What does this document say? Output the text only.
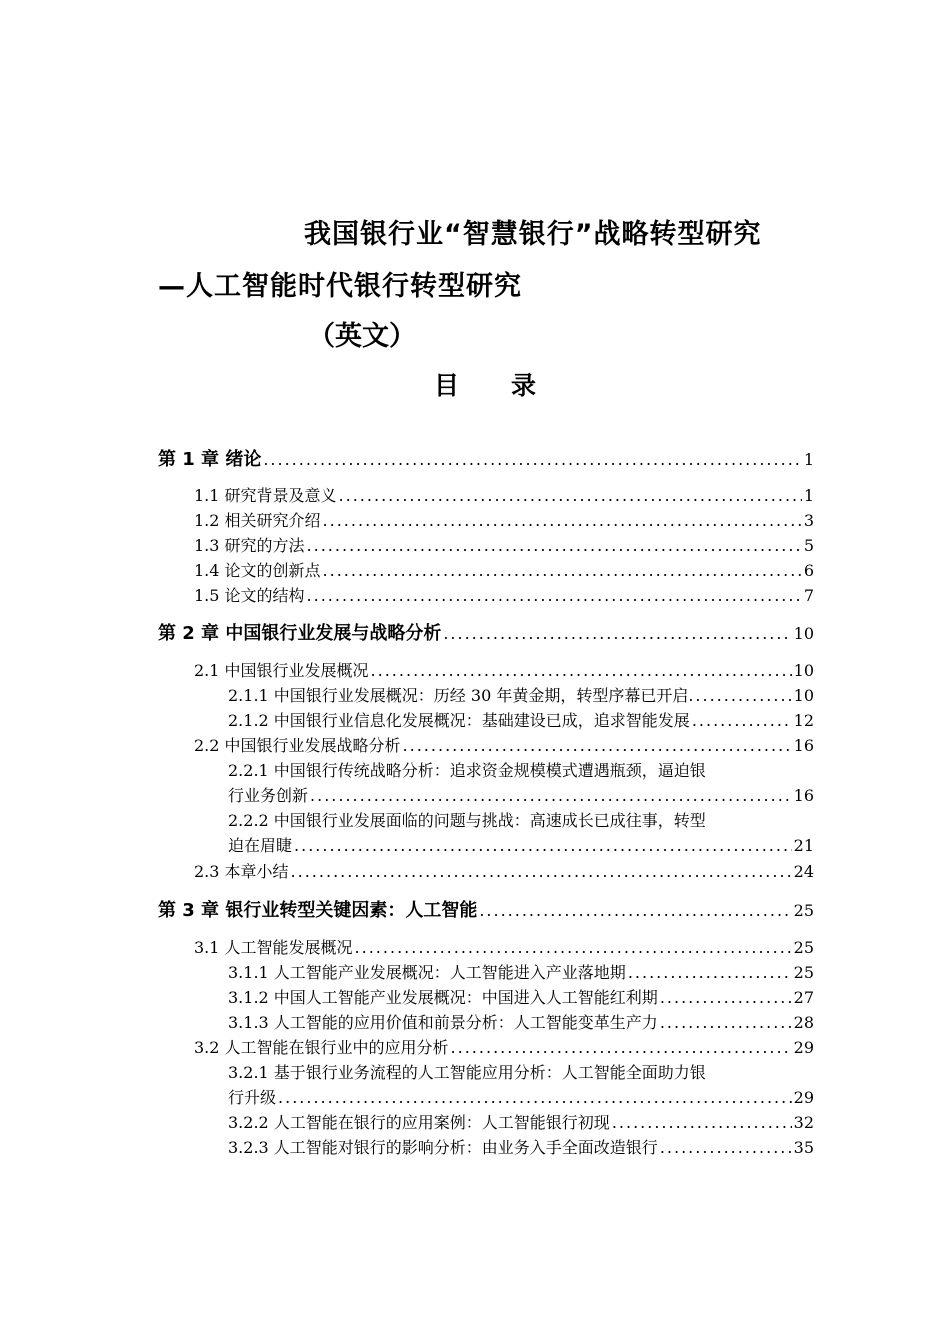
我国银行业“智慧银行”战略转型研究
—人工智能时代银行转型研究
（英文）
目 录
第 1 章 绪论 .....	1
1.1 研究背景及意义 .....	1
1.2 相关研究介绍 .....	3
1.3 研究的方法 .....	5
1.4 论文的创新点 .....	6
1.5 论文的结构 .....	7
第 2 章 中国银行业发展与战略分析 .....	10
2.1 中国银行业发展概况 .....	10
2.1.1 中国银行业发展概况：历经 30 年黄金期，转型序幕已开启. .....	10
2.1.2 中国银行业信息化发展概况：基础建设已成，追求智能发展 .....	12
2.2 中国银行业发展战略分析 .....	16
2.2.1 中国银行传统战略分析：追求资金规模模式遭遇瓶颈，逼迫银
行业务创新 .....	16
2.2.2 中国银行业发展面临的问题与挑战：高速成长已成往事，转型
迫在眉睫 .....	21
2.3 本章小结 .....	24
第 3 章 银行业转型关键因素：人工智能 .....	25
3.1 人工智能发展概况 .....	25
3.1.1 人工智能产业发展概况：人工智能进入产业落地期 .....	25
3.1.2 中国人工智能产业发展概况：中国进入人工智能红利期 .....	27
3.1.3 人工智能的应用价值和前景分析：人工智能变革生产力 .....	28
3.2 人工智能在银行业中的应用分析 .....	29
3.2.1 基于银行业务流程的人工智能应用分析：人工智能全面助力银
行升级 .....	29
3.2.2 人工智能在银行的应用案例：人工智能银行初现 .....	32
3.2.3 人工智能对银行的影响分析：由业务入手全面改造银行 .....	35
